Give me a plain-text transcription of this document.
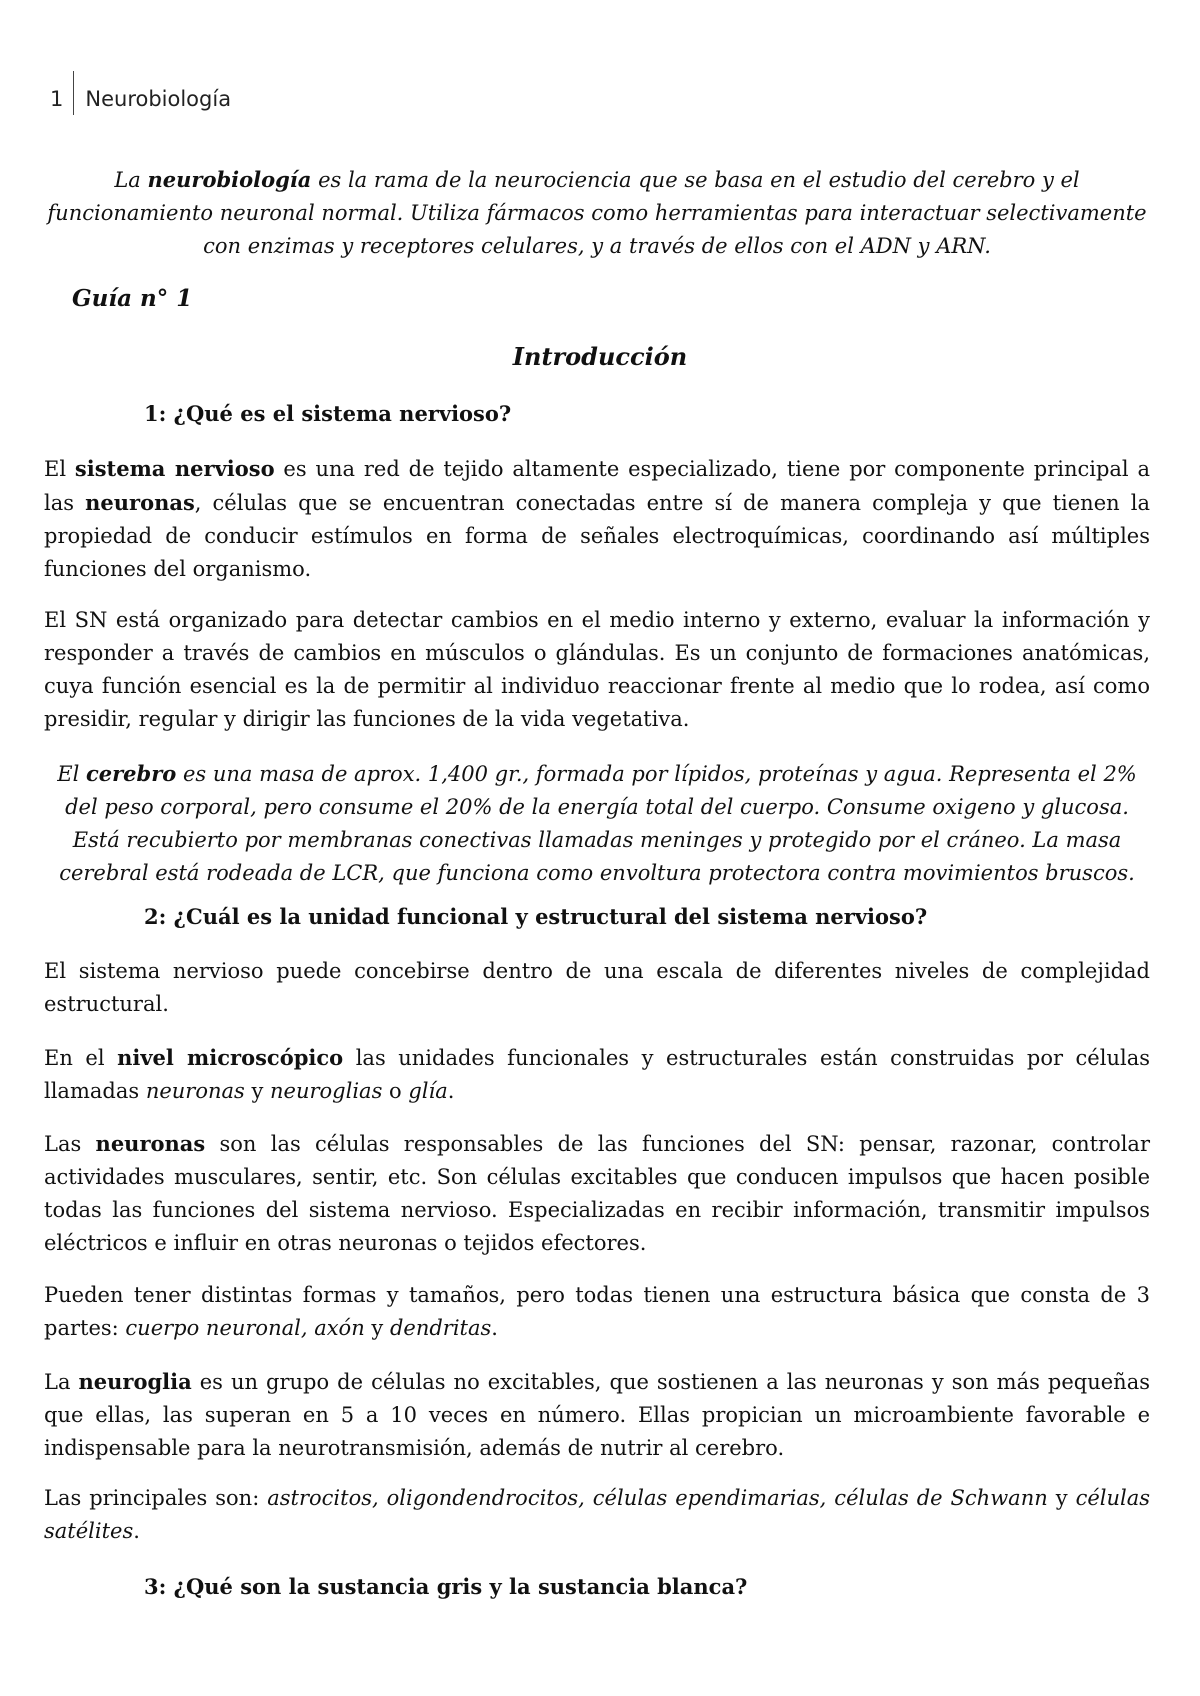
1	Neurobiología
La neurobiología es la rama de la neurociencia que se basa en el estudio del cerebro y el funcionamiento neuronal normal. Utiliza fármacos como herramientas para interactuar selectivamente con enzimas y receptores celulares, y a través de ellos con el ADN y ARN.
Guía n° 1
Introducción
1: ¿Qué es el sistema nervioso?
El sistema nervioso es una red de tejido altamente especializado, tiene por componente principal a las neuronas, células que se encuentran conectadas entre sí de manera compleja y que tienen la propiedad de conducir estímulos en forma de señales electroquímicas, coordinando así múltiples funciones del organismo.
El SN está organizado para detectar cambios en el medio interno y externo, evaluar la información y responder a través de cambios en músculos o glándulas. Es un conjunto de formaciones anatómicas, cuya función esencial es la de permitir al individuo reaccionar frente al medio que lo rodea, así como presidir, regular y dirigir las funciones de la vida vegetativa.
El cerebro es una masa de aprox. 1,400 gr., formada por lípidos, proteínas y agua. Representa el 2% del peso corporal, pero consume el 20% de la energía total del cuerpo. Consume oxigeno y glucosa. Está recubierto por membranas conectivas llamadas meninges y protegido por el cráneo. La masa cerebral está rodeada de LCR, que funciona como envoltura protectora contra movimientos bruscos.
2: ¿Cuál es la unidad funcional y estructural del sistema nervioso?
El sistema nervioso puede concebirse dentro de una escala de diferentes niveles de complejidad estructural.
En el nivel microscópico las unidades funcionales y estructurales están construidas por células llamadas neuronas y neuroglias o glía.
Las neuronas son las células responsables de las funciones del SN: pensar, razonar, controlar actividades musculares, sentir, etc. Son células excitables que conducen impulsos que hacen posible todas las funciones del sistema nervioso. Especializadas en recibir información, transmitir impulsos eléctricos e influir en otras neuronas o tejidos efectores.
Pueden tener distintas formas y tamaños, pero todas tienen una estructura básica que consta de 3 partes: cuerpo neuronal, axón y dendritas.
La neuroglia es un grupo de células no excitables, que sostienen a las neuronas y son más pequeñas que ellas, las superan en 5 a 10 veces en número. Ellas propician un microambiente favorable e indispensable para la neurotransmisión, además de nutrir al cerebro.
Las principales son: astrocitos, oligondendrocitos, células ependimarias, células de Schwann y células satélites.
3: ¿Qué son la sustancia gris y la sustancia blanca?
